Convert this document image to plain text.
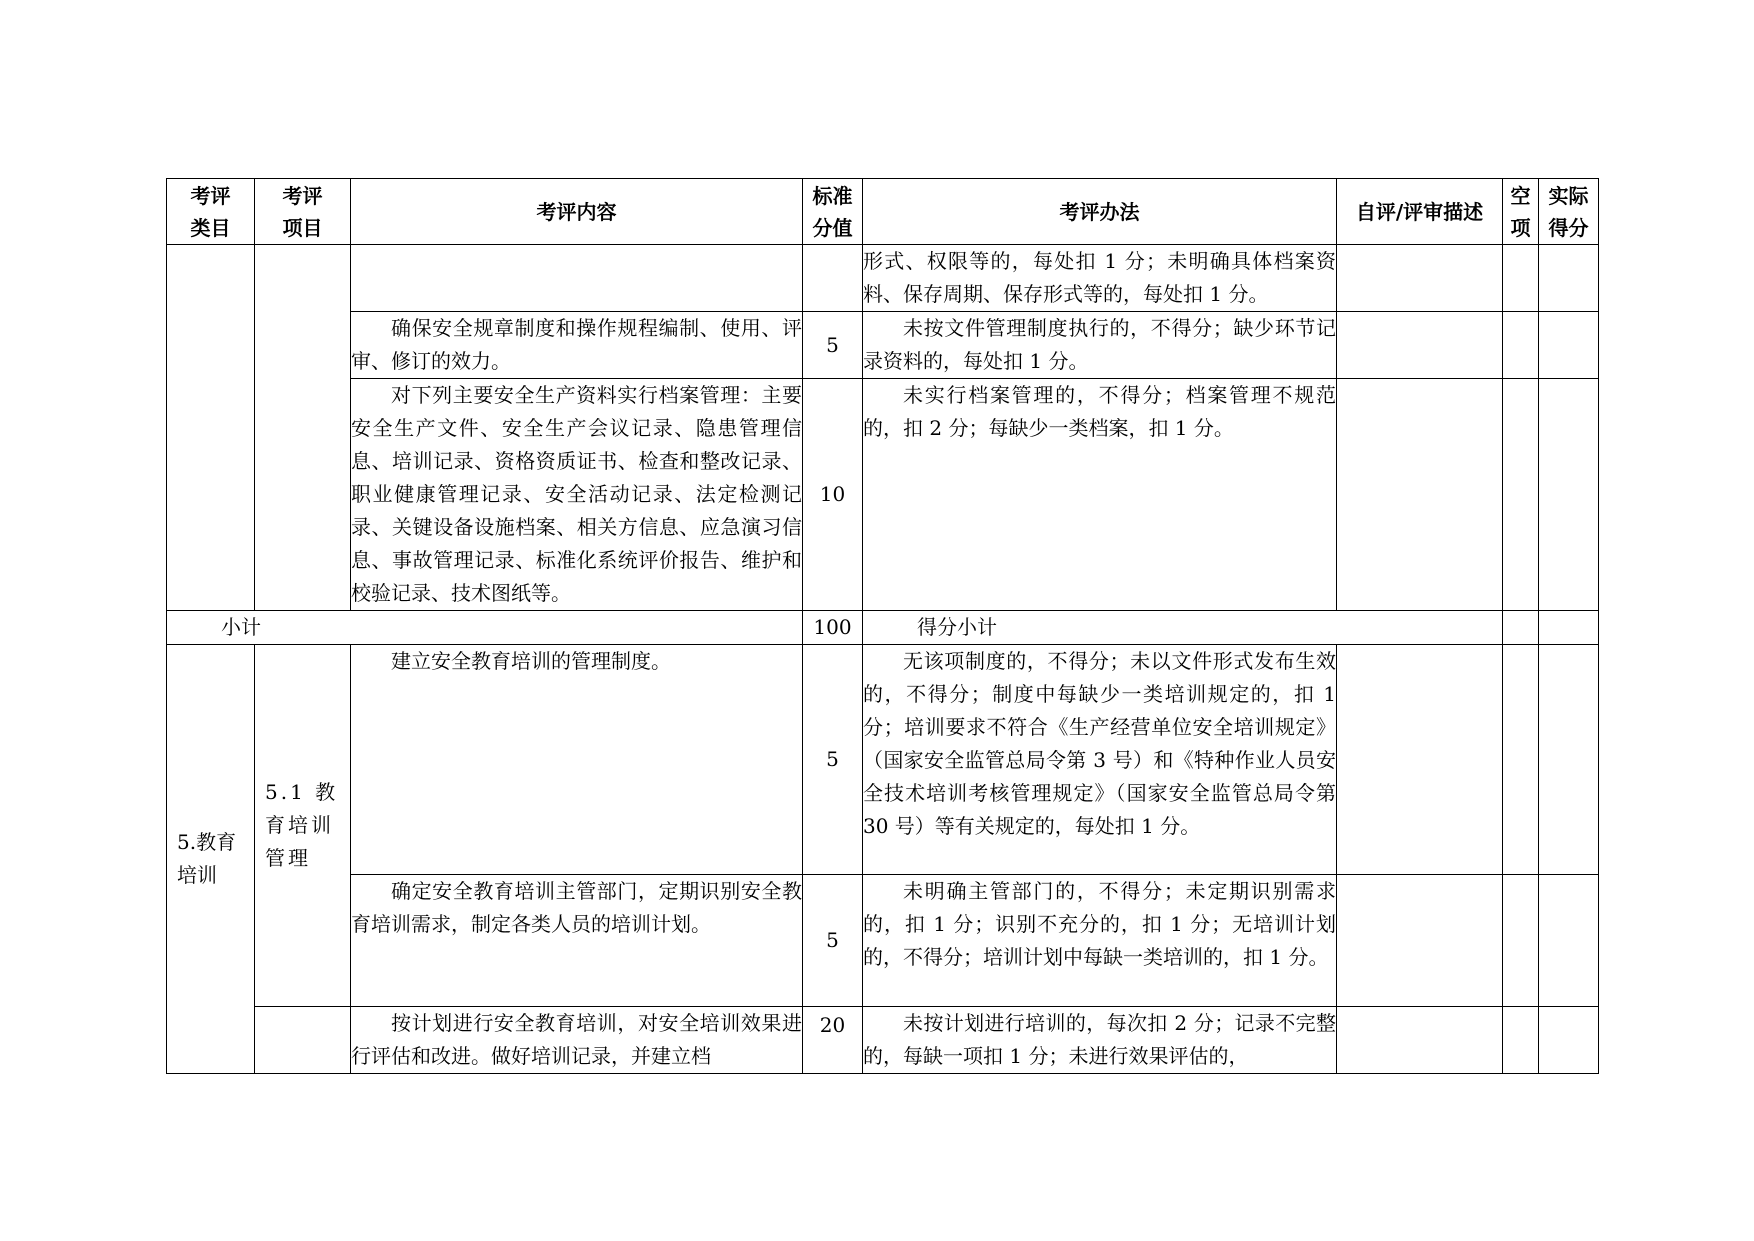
考评类目	考评项目	考评内容	标准分值	考评办法	自评/评审描述	空项	实际得分
				形式、权限等的，每处扣 1 分；未明确具体档案资料、保存周期、保存形式等的，每处扣 1 分。			
		确保安全规章制度和操作规程编制、使用、评审、修订的效力。	5	未按文件管理制度执行的，不得分；缺少环节记录资料的，每处扣 1 分。			
		对下列主要安全生产资料实行档案管理：主要安全生产文件、安全生产会议记录、隐患管理信息、培训记录、资格资质证书、检查和整改记录、职业健康管理记录、安全活动记录、法定检测记录、关键设备设施档案、相关方信息、应急演习信息、事故管理记录、标准化系统评价报告、维护和校验记录、技术图纸等。	10	未实行档案管理的，不得分；档案管理不规范的，扣 2 分；每缺少一类档案，扣 1 分。			
小计			100	得分小计			
5.教育培训	5.1 教育培训管理	建立安全教育培训的管理制度。	5	无该项制度的，不得分；未以文件形式发布生效的，不得分；制度中每缺少一类培训规定的，扣 1 分；培训要求不符合《生产经营单位安全培训规定》（国家安全监管总局令第 3 号）和《特种作业人员安全技术培训考核管理规定》（国家安全监管总局令第 30 号）等有关规定的，每处扣 1 分。			
		确定安全教育培训主管部门，定期识别安全教育培训需求，制定各类人员的培训计划。	5	未明确主管部门的，不得分；未定期识别需求的，扣 1 分；识别不充分的，扣 1 分；无培训计划的，不得分；培训计划中每缺一类培训的，扣 1 分。			
		按计划进行安全教育培训，对安全培训效果进行评估和改进。做好培训记录，并建立档	20	未按计划进行培训的，每次扣 2 分；记录不完整的，每缺一项扣 1 分；未进行效果评估的，			
